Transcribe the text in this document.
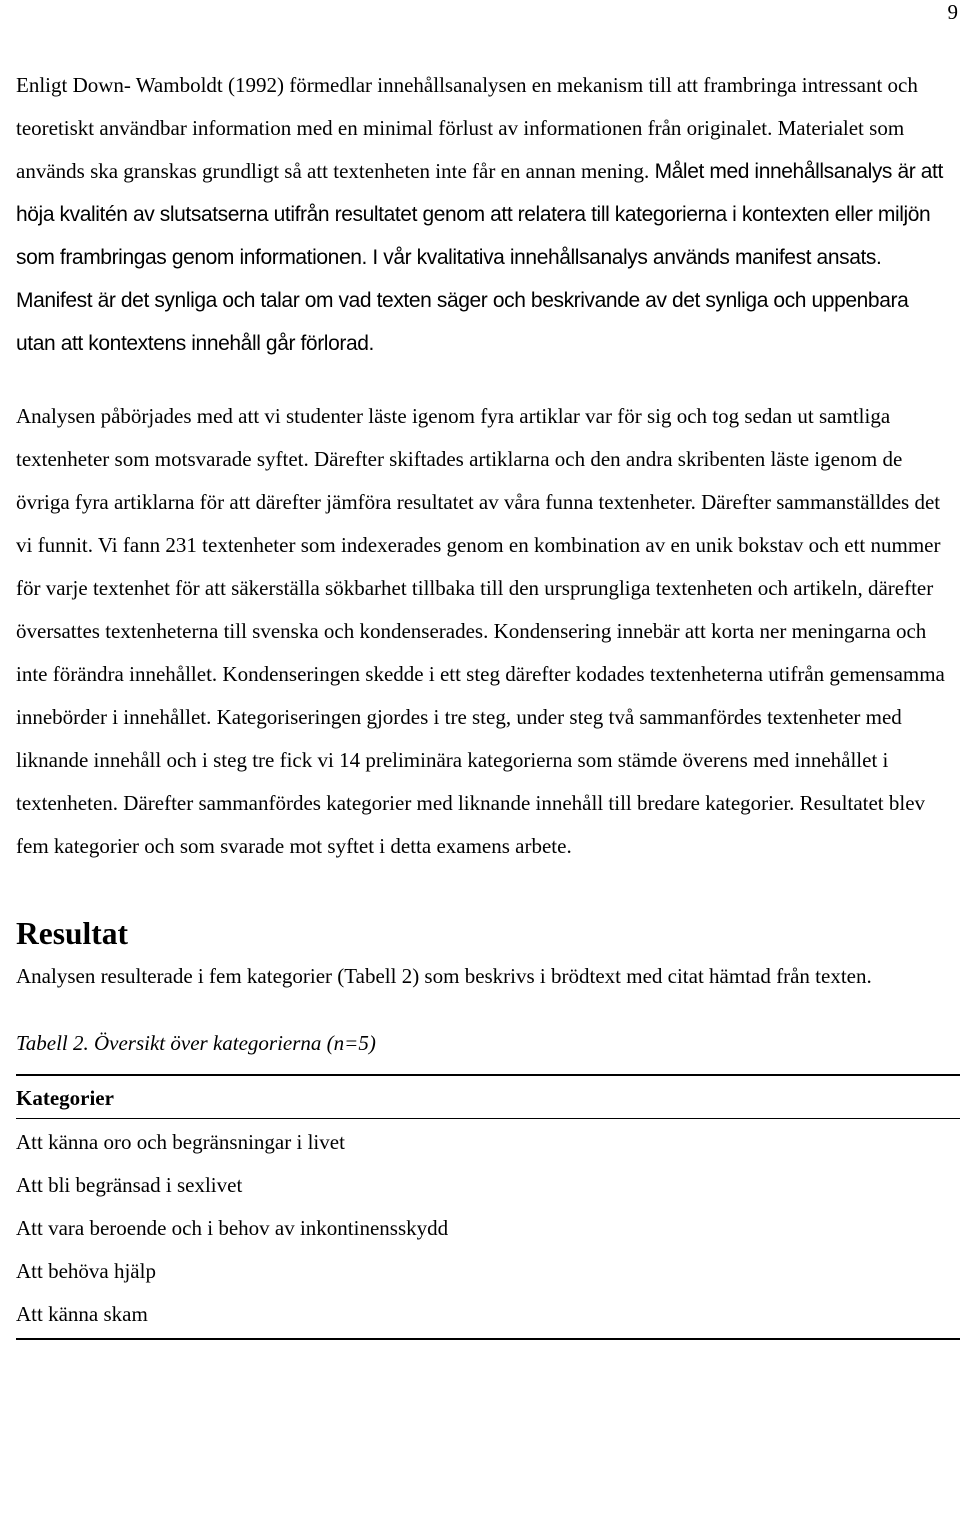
9

Enligt Down- Wamboldt (1992) förmedlar innehållsanalysen en mekanism till att frambringa intressant och teoretiskt användbar information med en minimal förlust av informationen från originalet. Materialet som används ska granskas grundligt så att textenheten inte får en annan mening. Målet med innehållsanalys är att höja kvalitén av slutsatserna utifrån resultatet genom att relatera till kategorierna i kontexten eller miljön som frambringas genom informationen. I vår kvalitativa innehållsanalys används manifest ansats. Manifest är det synliga och talar om vad texten säger och beskrivande av det synliga och uppenbara utan att kontextens innehåll går förlorad.

Analysen påbörjades med att vi studenter läste igenom fyra artiklar var för sig och tog sedan ut samtliga textenheter som motsvarade syftet. Därefter skiftades artiklarna och den andra skribenten läste igenom de övriga fyra artiklarna för att därefter jämföra resultatet av våra funna textenheter. Därefter sammanställdes det vi funnit. Vi fann 231 textenheter som indexerades genom en kombination av en unik bokstav och ett nummer för varje textenhet för att säkerställa sökbarhet tillbaka till den ursprungliga textenheten och artikeln, därefter översattes textenheterna till svenska och kondenserades. Kondensering innebär att korta ner meningarna och inte förändra innehållet. Kondenseringen skedde i ett steg därefter kodades textenheterna utifrån gemensamma innebörder i innehållet. Kategoriseringen gjordes i tre steg, under steg två sammanfördes textenheter med liknande innehåll och i steg tre fick vi 14 preliminära kategorierna som stämde överens med innehållet i textenheten. Därefter sammanfördes kategorier med liknande innehåll till bredare kategorier. Resultatet blev fem kategorier och som svarade mot syftet i detta examens arbete.

Resultat

Analysen resulterade i fem kategorier (Tabell 2) som beskrivs i brödtext med citat hämtad från texten.

Tabell 2. Översikt över kategorierna (n=5)

Kategorier
Att känna oro och begränsningar i livet
Att bli begränsad i sexlivet
Att vara beroende och i behov av inkontinensskydd
Att behöva hjälp
Att känna skam
